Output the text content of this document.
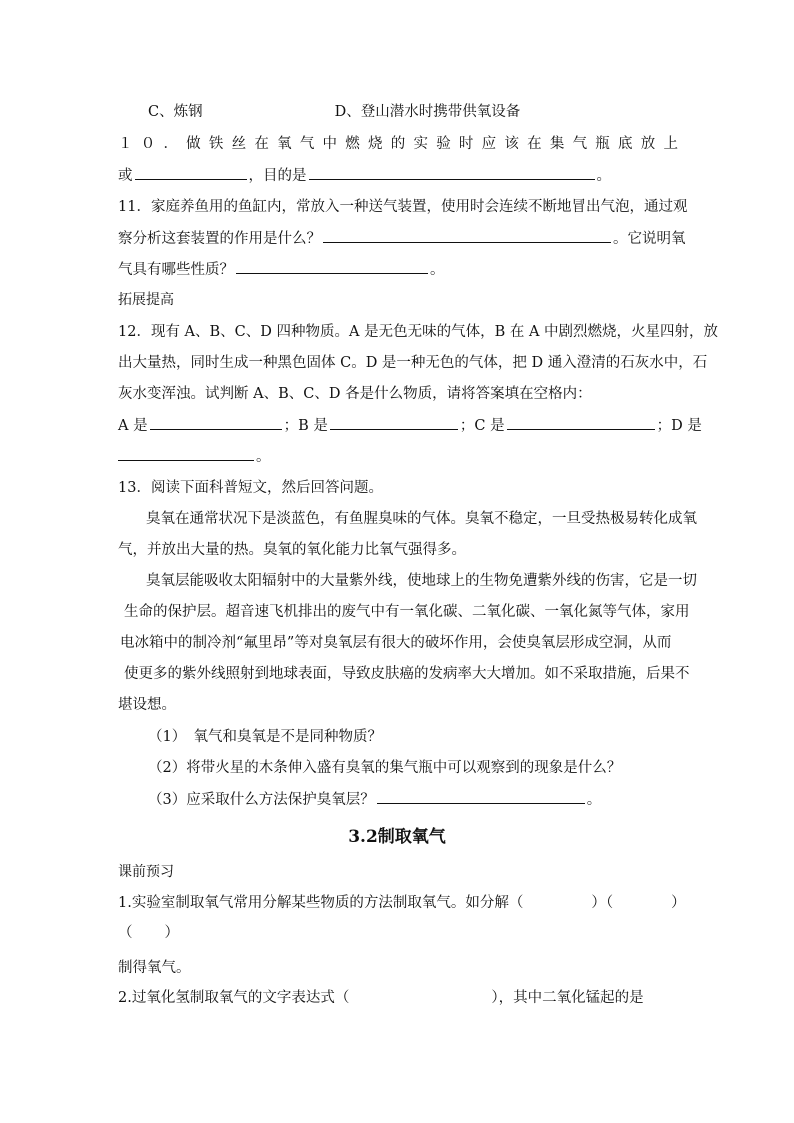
C、炼钢	D、登山潜水时携带供氧设备
１０．做铁丝在氧气中燃烧的实验时应该在集气瓶底放上
或	，目的是	。
11．家庭养鱼用的鱼缸内，常放入一种送气装置，使用时会连续不断地冒出气泡，通过观
察分析这套装置的作用是什么？	。它说明氧
气具有哪些性质？	。
拓展提高
12．现有 A、B、C、D 四种物质。A 是无色无味的气体，B 在 A 中剧烈燃烧，火星四射，放
出大量热，同时生成一种黑色固体 C。D 是一种无色的气体，把 D 通入澄清的石灰水中，石
灰水变浑浊。试判断 A、B、C、D 各是什么物质，请将答案填在空格内：
A 是	；B 是	；C 是	；D 是
。
13．阅读下面科普短文，然后回答问题。
臭氧在通常状况下是淡蓝色，有鱼腥臭味的气体。臭氧不稳定，一旦受热极易转化成氧
气，并放出大量的热。臭氧的氧化能力比氧气强得多。
臭氧层能吸收太阳辐射中的大量紫外线，使地球上的生物免遭紫外线的伤害，它是一切
生命的保护层。超音速飞机排出的废气中有一氧化碳、二氧化碳、一氧化氮等气体，家用
电冰箱中的制冷剂“氟里昂”等对臭氧层有很大的破坏作用，会使臭氧层形成空洞，从而
使更多的紫外线照射到地球表面，导致皮肤癌的发病率大大增加。如不采取措施，后果不
堪设想。
（1）　氧气和臭氧是不是同种物质？
（2）将带火星的木条伸入盛有臭氧的集气瓶中可以观察到的现象是什么？
（3）应采取什么方法保护臭氧层？	。
3.2制取氧气
课前预习
1.实验室制取氧气常用分解某些物质的方法制取氧气。如分解（	）（	）
（ ）
制得氧气。
2.过氧化氢制取氧气的文字表达式（	），其中二氧化锰起的是
